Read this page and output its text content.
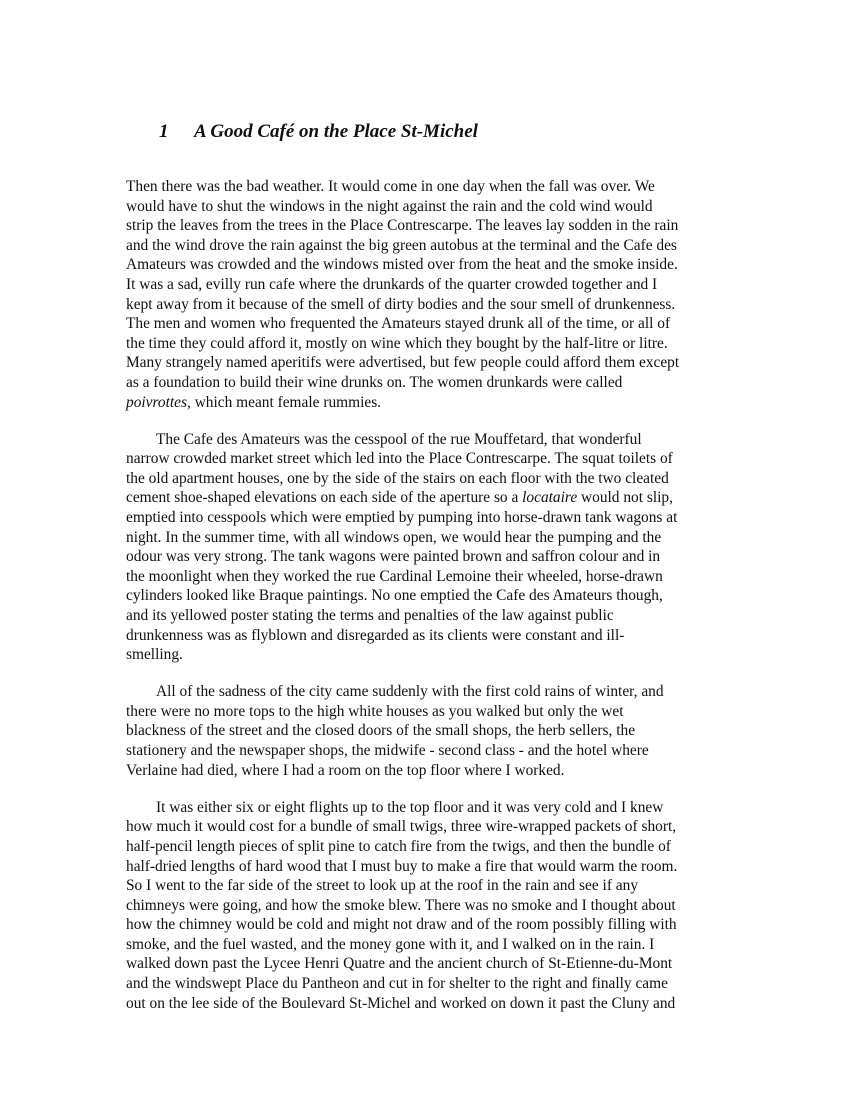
1 A Good Café on the Place St-Michel

Then there was the bad weather. It would come in one day when the fall was over. We
would have to shut the windows in the night against the rain and the cold wind would
strip the leaves from the trees in the Place Contrescarpe. The leaves lay sodden in the rain
and the wind drove the rain against the big green autobus at the terminal and the Cafe des
Amateurs was crowded and the windows misted over from the heat and the smoke inside.
It was a sad, evilly run cafe where the drunkards of the quarter crowded together and I
kept away from it because of the smell of dirty bodies and the sour smell of drunkenness.
The men and women who frequented the Amateurs stayed drunk all of the time, or all of
the time they could afford it, mostly on wine which they bought by the half-litre or litre.
Many strangely named aperitifs were advertised, but few people could afford them except
as a foundation to build their wine drunks on. The women drunkards were called
poivrottes, which meant female rummies.

The Cafe des Amateurs was the cesspool of the rue Mouffetard, that wonderful
narrow crowded market street which led into the Place Contrescarpe. The squat toilets of
the old apartment houses, one by the side of the stairs on each floor with the two cleated
cement shoe-shaped elevations on each side of the aperture so a locataire would not slip,
emptied into cesspools which were emptied by pumping into horse-drawn tank wagons at
night. In the summer time, with all windows open, we would hear the pumping and the
odour was very strong. The tank wagons were painted brown and saffron colour and in
the moonlight when they worked the rue Cardinal Lemoine their wheeled, horse-drawn
cylinders looked like Braque paintings. No one emptied the Cafe des Amateurs though,
and its yellowed poster stating the terms and penalties of the law against public
drunkenness was as flyblown and disregarded as its clients were constant and ill-
smelling.

All of the sadness of the city came suddenly with the first cold rains of winter, and
there were no more tops to the high white houses as you walked but only the wet
blackness of the street and the closed doors of the small shops, the herb sellers, the
stationery and the newspaper shops, the midwife - second class - and the hotel where
Verlaine had died, where I had a room on the top floor where I worked.

It was either six or eight flights up to the top floor and it was very cold and I knew
how much it would cost for a bundle of small twigs, three wire-wrapped packets of short,
half-pencil length pieces of split pine to catch fire from the twigs, and then the bundle of
half-dried lengths of hard wood that I must buy to make a fire that would warm the room.
So I went to the far side of the street to look up at the roof in the rain and see if any
chimneys were going, and how the smoke blew. There was no smoke and I thought about
how the chimney would be cold and might not draw and of the room possibly filling with
smoke, and the fuel wasted, and the money gone with it, and I walked on in the rain. I
walked down past the Lycee Henri Quatre and the ancient church of St-Etienne-du-Mont
and the windswept Place du Pantheon and cut in for shelter to the right and finally came
out on the lee side of the Boulevard St-Michel and worked on down it past the Cluny and
